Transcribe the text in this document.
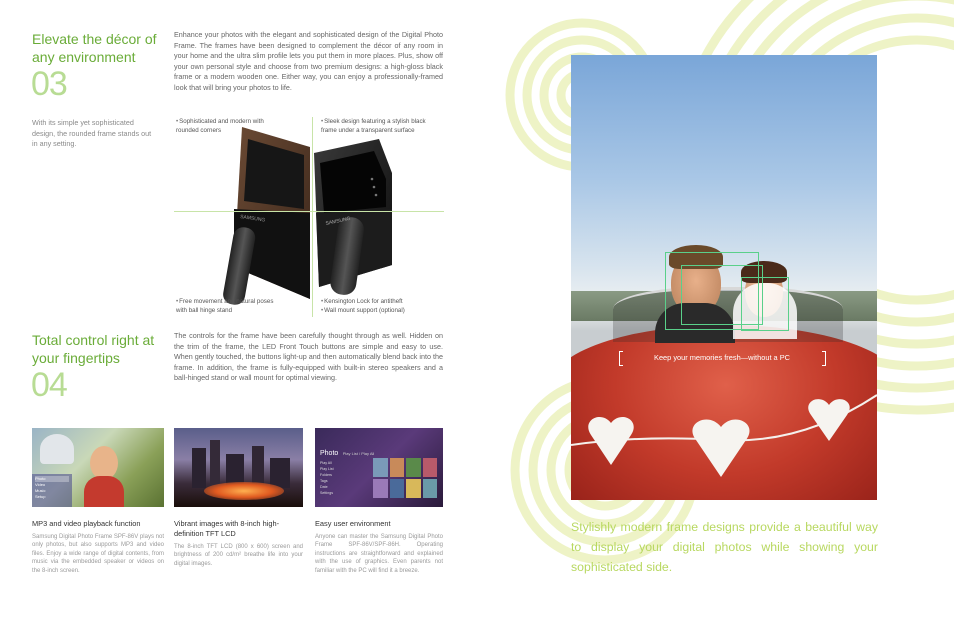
Elevate the décor of any environment
03
Enhance your photos with the elegant and sophisticated design of the Digital Photo Frame. The frames have been designed to complement the décor of any room in your home and the ultra slim profile lets you put them in more places. Plus, show off your own personal style and choose from two premium designs: a high-gloss black frame or a modern wooden one. Either way, you can enjoy a professionally-framed look that will bring your photos to life.
With its simple yet sophisticated design, the rounded frame stands out in any setting.
SAMSUNG	SAMSUNG
• Sophisticated and modern with rounded corners
• Sleek design featuring a stylish black frame under a transparent surface
• Free movement and natural poses with ball hinge stand
• Kensington Lock for antitheft
• Wall mount support (optional)
Total control right at your fingertips
04
The controls for the frame have been carefully thought through as well. Hidden on the trim of the frame, the LED Front Touch buttons are simple and easy to use. When gently touched, the buttons light-up and then automatically blend back into the frame. In addition, the frame is fully-equipped with built-in stereo speakers and a ball-hinged stand or wall mount for optimal viewing.
Photo
Video
Music
Setup
Photo Play List / Play All
Play All
Play List
Folders
Tags
Date
Settings
MP3 and video playback function
Samsung Digital Photo Frame SPF-86V plays not only photos, but also supports MP3 and video files. Enjoy a wide range of digital contents, from music via the embedded speaker or videos on the 8-inch screen.
Vibrant images with 8-inch high-definition TFT LCD
The 8-inch TFT LCD (800 x 600) screen and brightness of 200 cd/m² breathe life into your digital images.
Easy user environment
Anyone can master the Samsung Digital Photo Frame SPF-86V/SPF-86H. Operating instructions are straightforward and explained with the use of graphics. Even parents not familiar with the PC will find it a breeze.
Keep your memories fresh—without a PC
Stylishly modern frame designs provide a beautiful way to display your digital photos while showing your sophisticated side.
